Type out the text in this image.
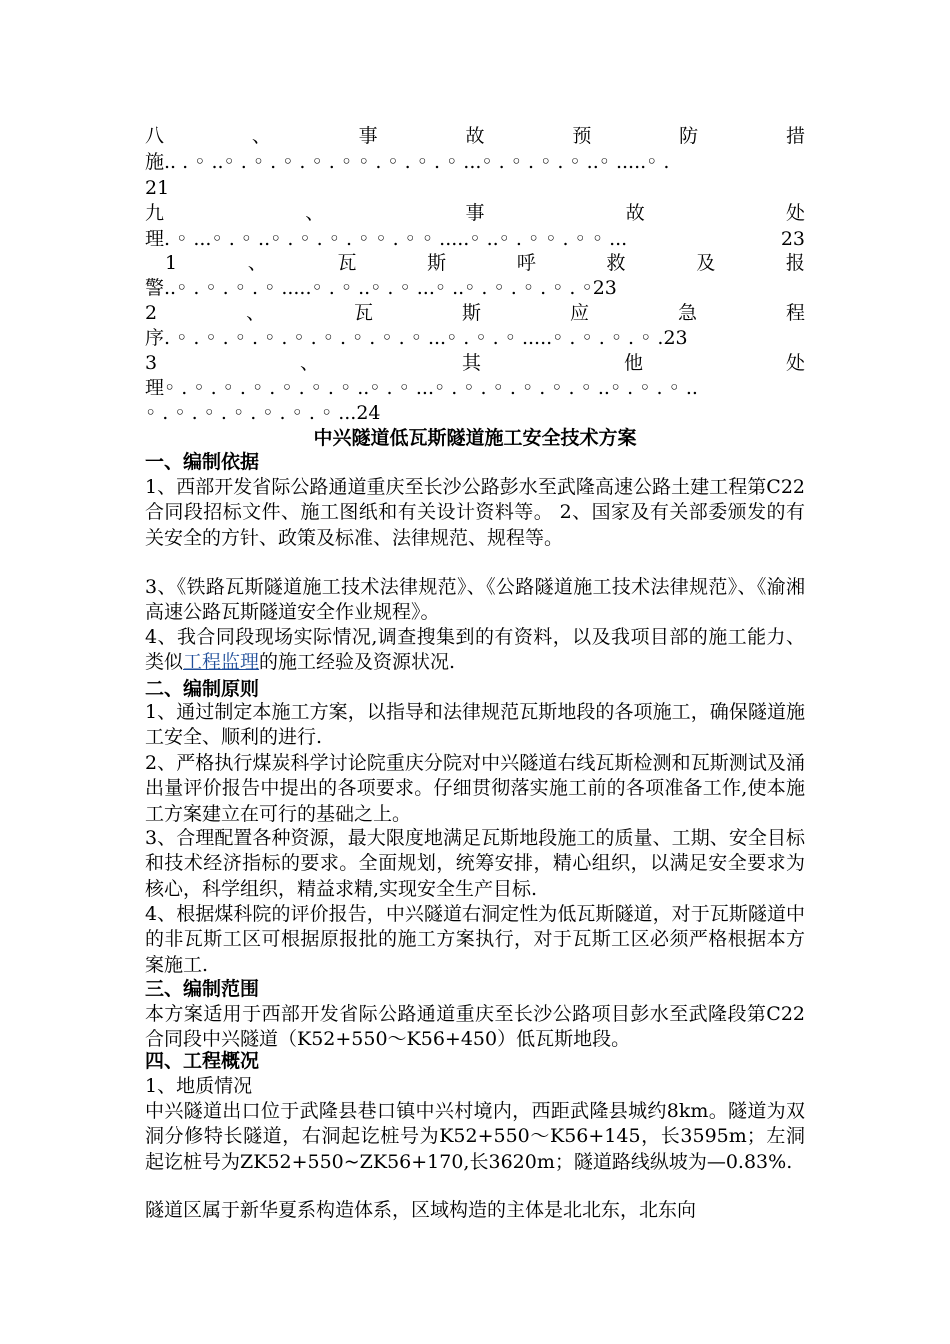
八	、	事	故	预	防	措
施.. . ◦ ..◦ . ◦ . ◦ . ◦ . ◦ ◦ . ◦ . ◦ . ◦ ...◦ . ◦ . ◦ . ◦ ..◦ .....◦ .
21
九	、	事	故	处
理. ◦ ...◦ . ◦ ..◦ . ◦ . ◦ . ◦ ◦ . ◦ ◦ .....◦ ..◦ . ◦ ◦ . ◦ ◦ ...	23
1	、	瓦	斯	呼	救	及	报
警..◦ . ◦ . ◦ . ◦ .....◦ . ◦ ..◦ . ◦ ...◦ ..◦ . ◦ . ◦ . ◦ . ◦23
2	、	瓦	斯	应	急	程
序. ◦ . ◦ . ◦ . ◦ . ◦ . ◦ . ◦ . ◦ . ◦ ...◦ . ◦ . ◦ .....◦ . ◦ . ◦ . ◦ .23
3	、	其	他	处
理◦ . ◦ . ◦ . ◦ . ◦ . ◦ . ◦ ..◦ . ◦ ...◦ . ◦ . ◦ . ◦ . ◦ . ◦ ..◦ . ◦ . ◦ ..
◦ . ◦ . ◦ . ◦ . ◦ . ◦ . ◦ ...24
中兴隧道低瓦斯隧道施工安全技术方案
一、编制依据
1、西部开发省际公路通道重庆至长沙公路彭水至武隆高速公路土建工程第C22合同段招标文件、施工图纸和有关设计资料等。 2、国家及有关部委颁发的有关安全的方针、政策及标准、法律规范、规程等。
3、《铁路瓦斯隧道施工技术法律规范》、《公路隧道施工技术法律规范》、《渝湘高速公路瓦斯隧道安全作业规程》。
4、我合同段现场实际情况,调查搜集到的有资料，以及我项目部的施工能力、类似工程监理的施工经验及资源状况.
二、编制原则
1、通过制定本施工方案，以指导和法律规范瓦斯地段的各项施工，确保隧道施工安全、顺利的进行.
2、严格执行煤炭科学讨论院重庆分院对中兴隧道右线瓦斯检测和瓦斯测试及涌出量评价报告中提出的各项要求。仔细贯彻落实施工前的各项准备工作,使本施工方案建立在可行的基础之上。
3、合理配置各种资源，最大限度地满足瓦斯地段施工的质量、工期、安全目标和技术经济指标的要求。全面规划，统筹安排，精心组织，以满足安全要求为核心，科学组织，精益求精,实现安全生产目标.
4、根据煤科院的评价报告，中兴隧道右洞定性为低瓦斯隧道，对于瓦斯隧道中的非瓦斯工区可根据原报批的施工方案执行，对于瓦斯工区必须严格根据本方案施工.
三、编制范围
本方案适用于西部开发省际公路通道重庆至长沙公路项目彭水至武隆段第C22合同段中兴隧道（K52+550～K56+450）低瓦斯地段。
四、工程概况
1、地质情况
中兴隧道出口位于武隆县巷口镇中兴村境内，西距武隆县城约8km。隧道为双洞分修特长隧道，右洞起讫桩号为K52+550～K56+145，长3595m；左洞起讫桩号为ZK52+550~ZK56+170,长3620m；隧道路线纵坡为—0.83%.
隧道区属于新华夏系构造体系，区域构造的主体是北北东，北东向
